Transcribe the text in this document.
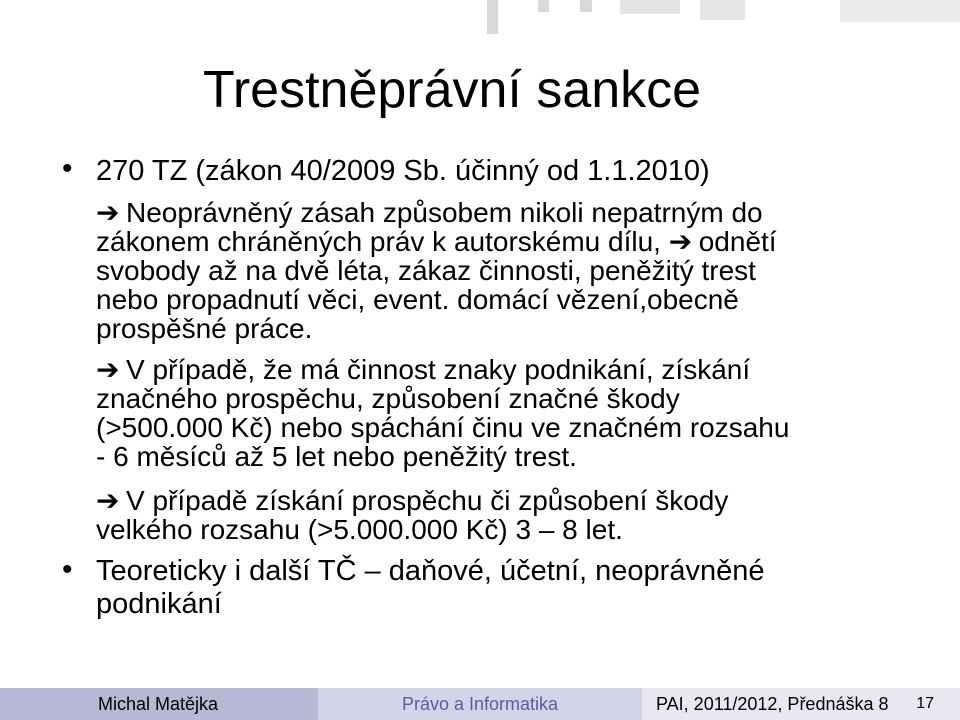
Trestněprávní sankce
• 270 TZ (zákon 40/2009 Sb. účinný od 1.1.2010)
➔ Neoprávněný zásah způsobem nikoli nepatrným do
zákonem chráněných práv k autorskému dílu, ➔ odnětí
svobody až na dvě léta, zákaz činnosti, peněžitý trest
nebo propadnutí věci, event. domácí vězení,obecně
prospěšné práce.
➔ V případě, že má činnost znaky podnikání, získání
značného prospěchu, způsobení značné škody
(>500.000 Kč) nebo spáchání činu ve značném rozsahu
- 6 měsíců až 5 let nebo peněžitý trest.
➔ V případě získání prospěchu či způsobení škody
velkého rozsahu (>5.000.000 Kč) 3 – 8 let.
• Teoreticky i další TČ – daňové, účetní, neoprávněné
podnikání
Michal Matějka	Právo a Informatika	PAI, 2011/2012, Přednáška 8	17
